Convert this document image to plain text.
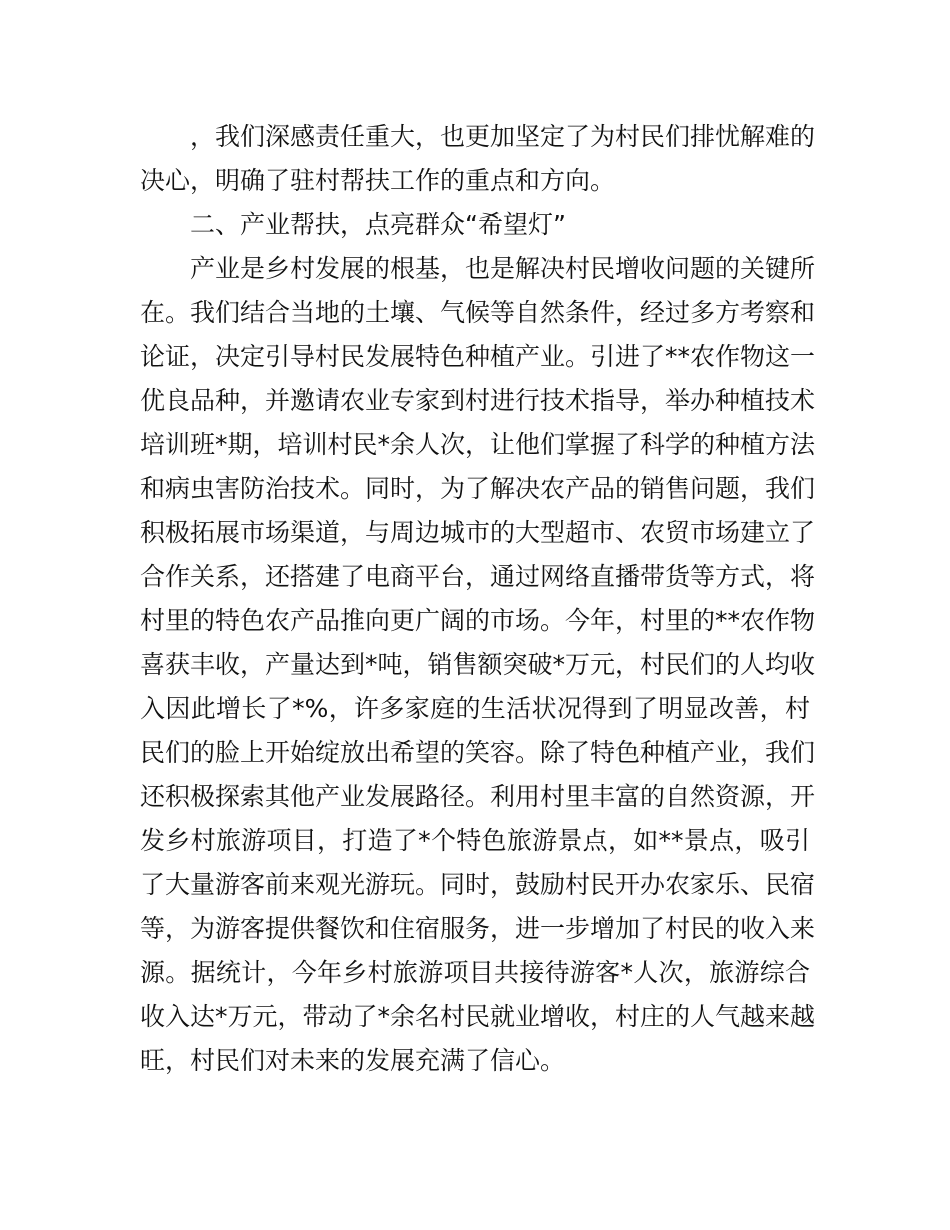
，我们深感责任重大，也更加坚定了为村民们排忧解难的
决心，明确了驻村帮扶工作的重点和方向。
二、产业帮扶，点亮群众“希望灯”
产业是乡村发展的根基，也是解决村民增收问题的关键所
在。我们结合当地的土壤、气候等自然条件，经过多方考察和
论证，决定引导村民发展特色种植产业。引进了**农作物这一
优良品种，并邀请农业专家到村进行技术指导，举办种植技术
培训班*期，培训村民*余人次，让他们掌握了科学的种植方法
和病虫害防治技术。同时，为了解决农产品的销售问题，我们
积极拓展市场渠道，与周边城市的大型超市、农贸市场建立了
合作关系，还搭建了电商平台，通过网络直播带货等方式，将
村里的特色农产品推向更广阔的市场。今年，村里的**农作物
喜获丰收，产量达到*吨，销售额突破*万元，村民们的人均收
入因此增长了*%，许多家庭的生活状况得到了明显改善，村
民们的脸上开始绽放出希望的笑容。除了特色种植产业，我们
还积极探索其他产业发展路径。利用村里丰富的自然资源，开
发乡村旅游项目，打造了*个特色旅游景点，如**景点，吸引
了大量游客前来观光游玩。同时，鼓励村民开办农家乐、民宿
等，为游客提供餐饮和住宿服务，进一步增加了村民的收入来
源。据统计，今年乡村旅游项目共接待游客*人次，旅游综合
收入达*万元，带动了*余名村民就业增收，村庄的人气越来越
旺，村民们对未来的发展充满了信心。
